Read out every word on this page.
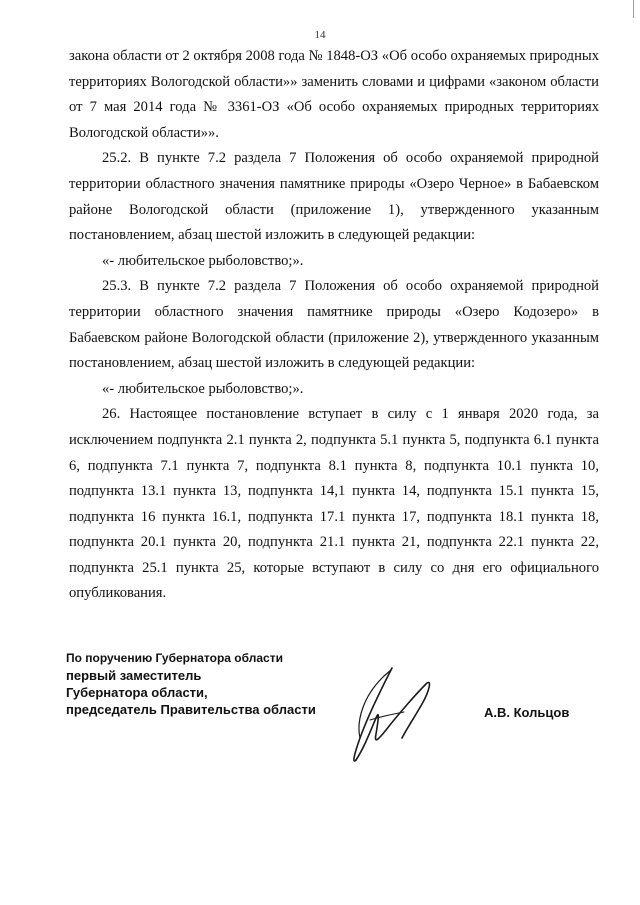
14

закона области от 2 октября 2008 года № 1848-ОЗ «Об особо охраняемых природных территориях Вологодской области»» заменить словами и цифрами «законом области от 7 мая 2014 года № 3361-ОЗ «Об особо охраняемых природных территориях Вологодской области»».

25.2. В пункте 7.2 раздела 7 Положения об особо охраняемой природной территории областного значения памятнике природы «Озеро Черное» в Бабаевском районе Вологодской области (приложение 1), утвержденного указанным постановлением, абзац шестой изложить в следующей редакции:

«- любительское рыболовство;».

25.3. В пункте 7.2 раздела 7 Положения об особо охраняемой природной территории областного значения памятнике природы «Озеро Кодозеро» в Бабаевском районе Вологодской области (приложение 2), утвержденного указанным постановлением, абзац шестой изложить в следующей редакции:

«- любительское рыболовство;».

26. Настоящее постановление вступает в силу с 1 января 2020 года, за исключением подпункта 2.1 пункта 2, подпункта 5.1 пункта 5, подпункта 6.1 пункта 6, подпункта 7.1 пункта 7, подпункта 8.1 пункта 8, подпункта 10.1 пункта 10, подпункта 13.1 пункта 13, подпункта 14,1 пункта 14, подпункта 15.1 пункта 15, подпункта 16 пункта 16.1, подпункта 17.1 пункта 17, подпункта 18.1 пункта 18, подпункта 20.1 пункта 20, подпункта 21.1 пункта 21, подпункта 22.1 пункта 22, подпункта 25.1 пункта 25, которые вступают в силу со дня его официального опубликования.

По поручению Губернатора области
первый заместитель
Губернатора области,
председатель Правительства области	А.В. Кольцов
